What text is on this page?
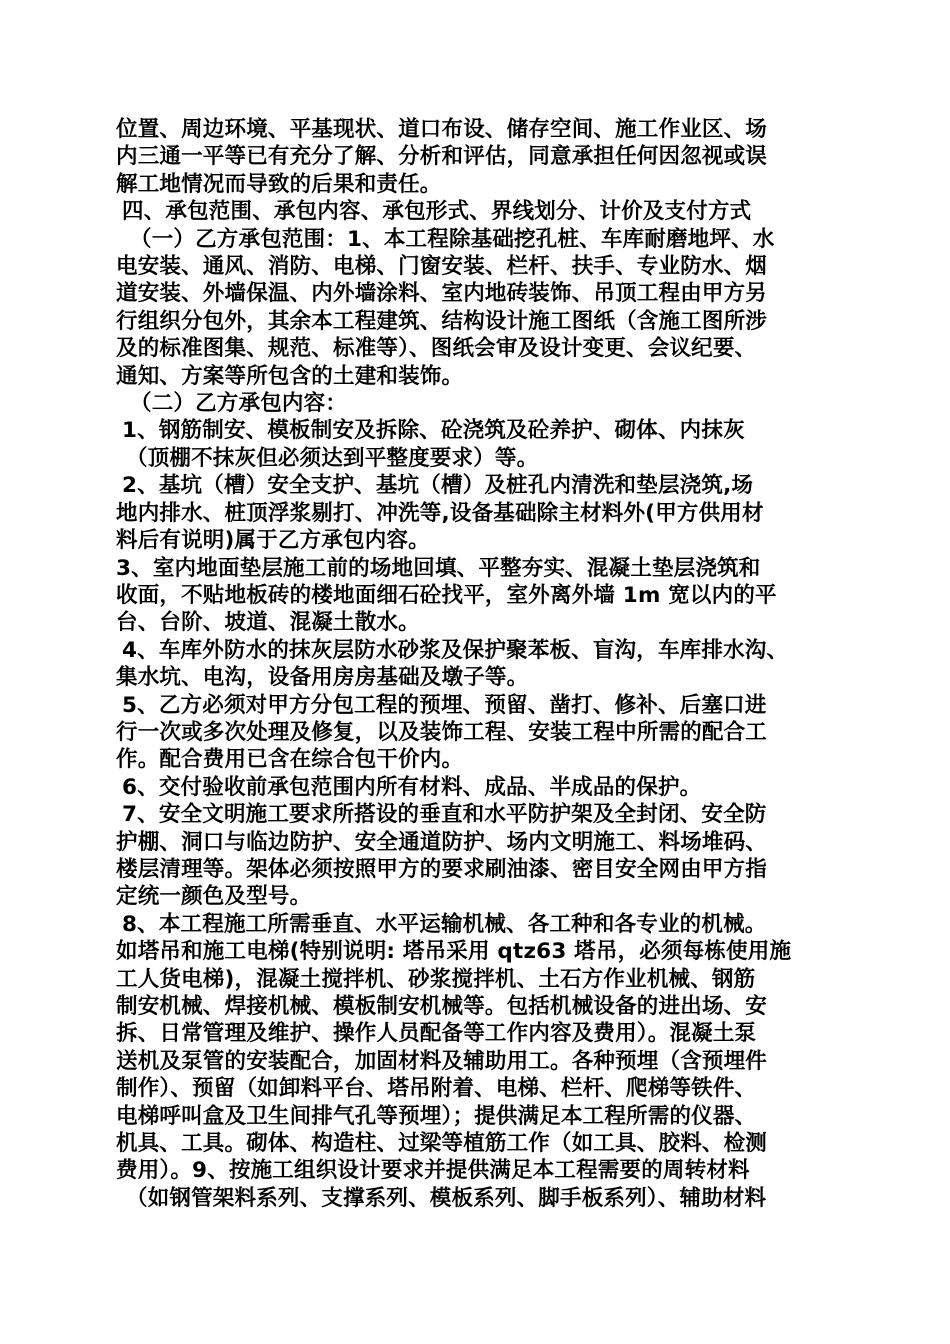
位置、周边环境、平基现状、道口布设、储存空间、施工作业区、场
内三通一平等已有充分了解、分析和评估，同意承担任何因忽视或误
解工地情况而导致的后果和责任。
四、承包范围、承包内容、承包形式、界线划分、计价及支付方式
（一）乙方承包范围：1、本工程除基础挖孔桩、车库耐磨地坪、水
电安装、通风、消防、电梯、门窗安装、栏杆、扶手、专业防水、烟
道安装、外墙保温、内外墙涂料、室内地砖装饰、吊顶工程由甲方另
行组织分包外，其余本工程建筑、结构设计施工图纸（含施工图所涉
及的标准图集、规范、标准等）、图纸会审及设计变更、会议纪要、
通知、方案等所包含的土建和装饰。
（二）乙方承包内容：
1、钢筋制安、模板制安及拆除、砼浇筑及砼养护、砌体、内抹灰
（顶棚不抹灰但必须达到平整度要求）等。
2、基坑（槽）安全支护、基坑（槽）及桩孔内清洗和垫层浇筑,场
地内排水、桩顶浮浆剔打、冲洗等,设备基础除主材料外(甲方供用材
料后有说明)属于乙方承包内容。
3、室内地面垫层施工前的场地回填、平整夯实、混凝土垫层浇筑和
收面，不贴地板砖的楼地面细石砼找平，室外离外墙 1m 宽以内的平
台、台阶、坡道、混凝土散水。
4、车库外防水的抹灰层防水砂浆及保护聚苯板、盲沟，车库排水沟、
集水坑、电沟，设备用房房基础及墩子等。
5、乙方必须对甲方分包工程的预埋、预留、凿打、修补、后塞口进
行一次或多次处理及修复，以及装饰工程、安装工程中所需的配合工
作。配合费用已含在综合包干价内。
6、交付验收前承包范围内所有材料、成品、半成品的保护。
7、安全文明施工要求所搭设的垂直和水平防护架及全封闭、安全防
护棚、洞口与临边防护、安全通道防护、场内文明施工、料场堆码、
楼层清理等。架体必须按照甲方的要求刷油漆、密目安全网由甲方指
定统一颜色及型号。
8、本工程施工所需垂直、水平运输机械、各工种和各专业的机械。
如塔吊和施工电梯(特别说明: 塔吊采用 qtz63 塔吊，必须每栋使用施
工人货电梯)，混凝土搅拌机、砂浆搅拌机、土石方作业机械、钢筋
制安机械、焊接机械、模板制安机械等。包括机械设备的进出场、安
拆、日常管理及维护、操作人员配备等工作内容及费用）。混凝土泵
送机及泵管的安装配合，加固材料及辅助用工。各种预埋（含预埋件
制作）、预留（如卸料平台、塔吊附着、电梯、栏杆、爬梯等铁件、
电梯呼叫盒及卫生间排气孔等预埋）；提供满足本工程所需的仪器、
机具、工具。砌体、构造柱、过梁等植筋工作（如工具、胶料、检测
费用）。9、按施工组织设计要求并提供满足本工程需要的周转材料
（如钢管架料系列、支撑系列、模板系列、脚手板系列）、辅助材料
